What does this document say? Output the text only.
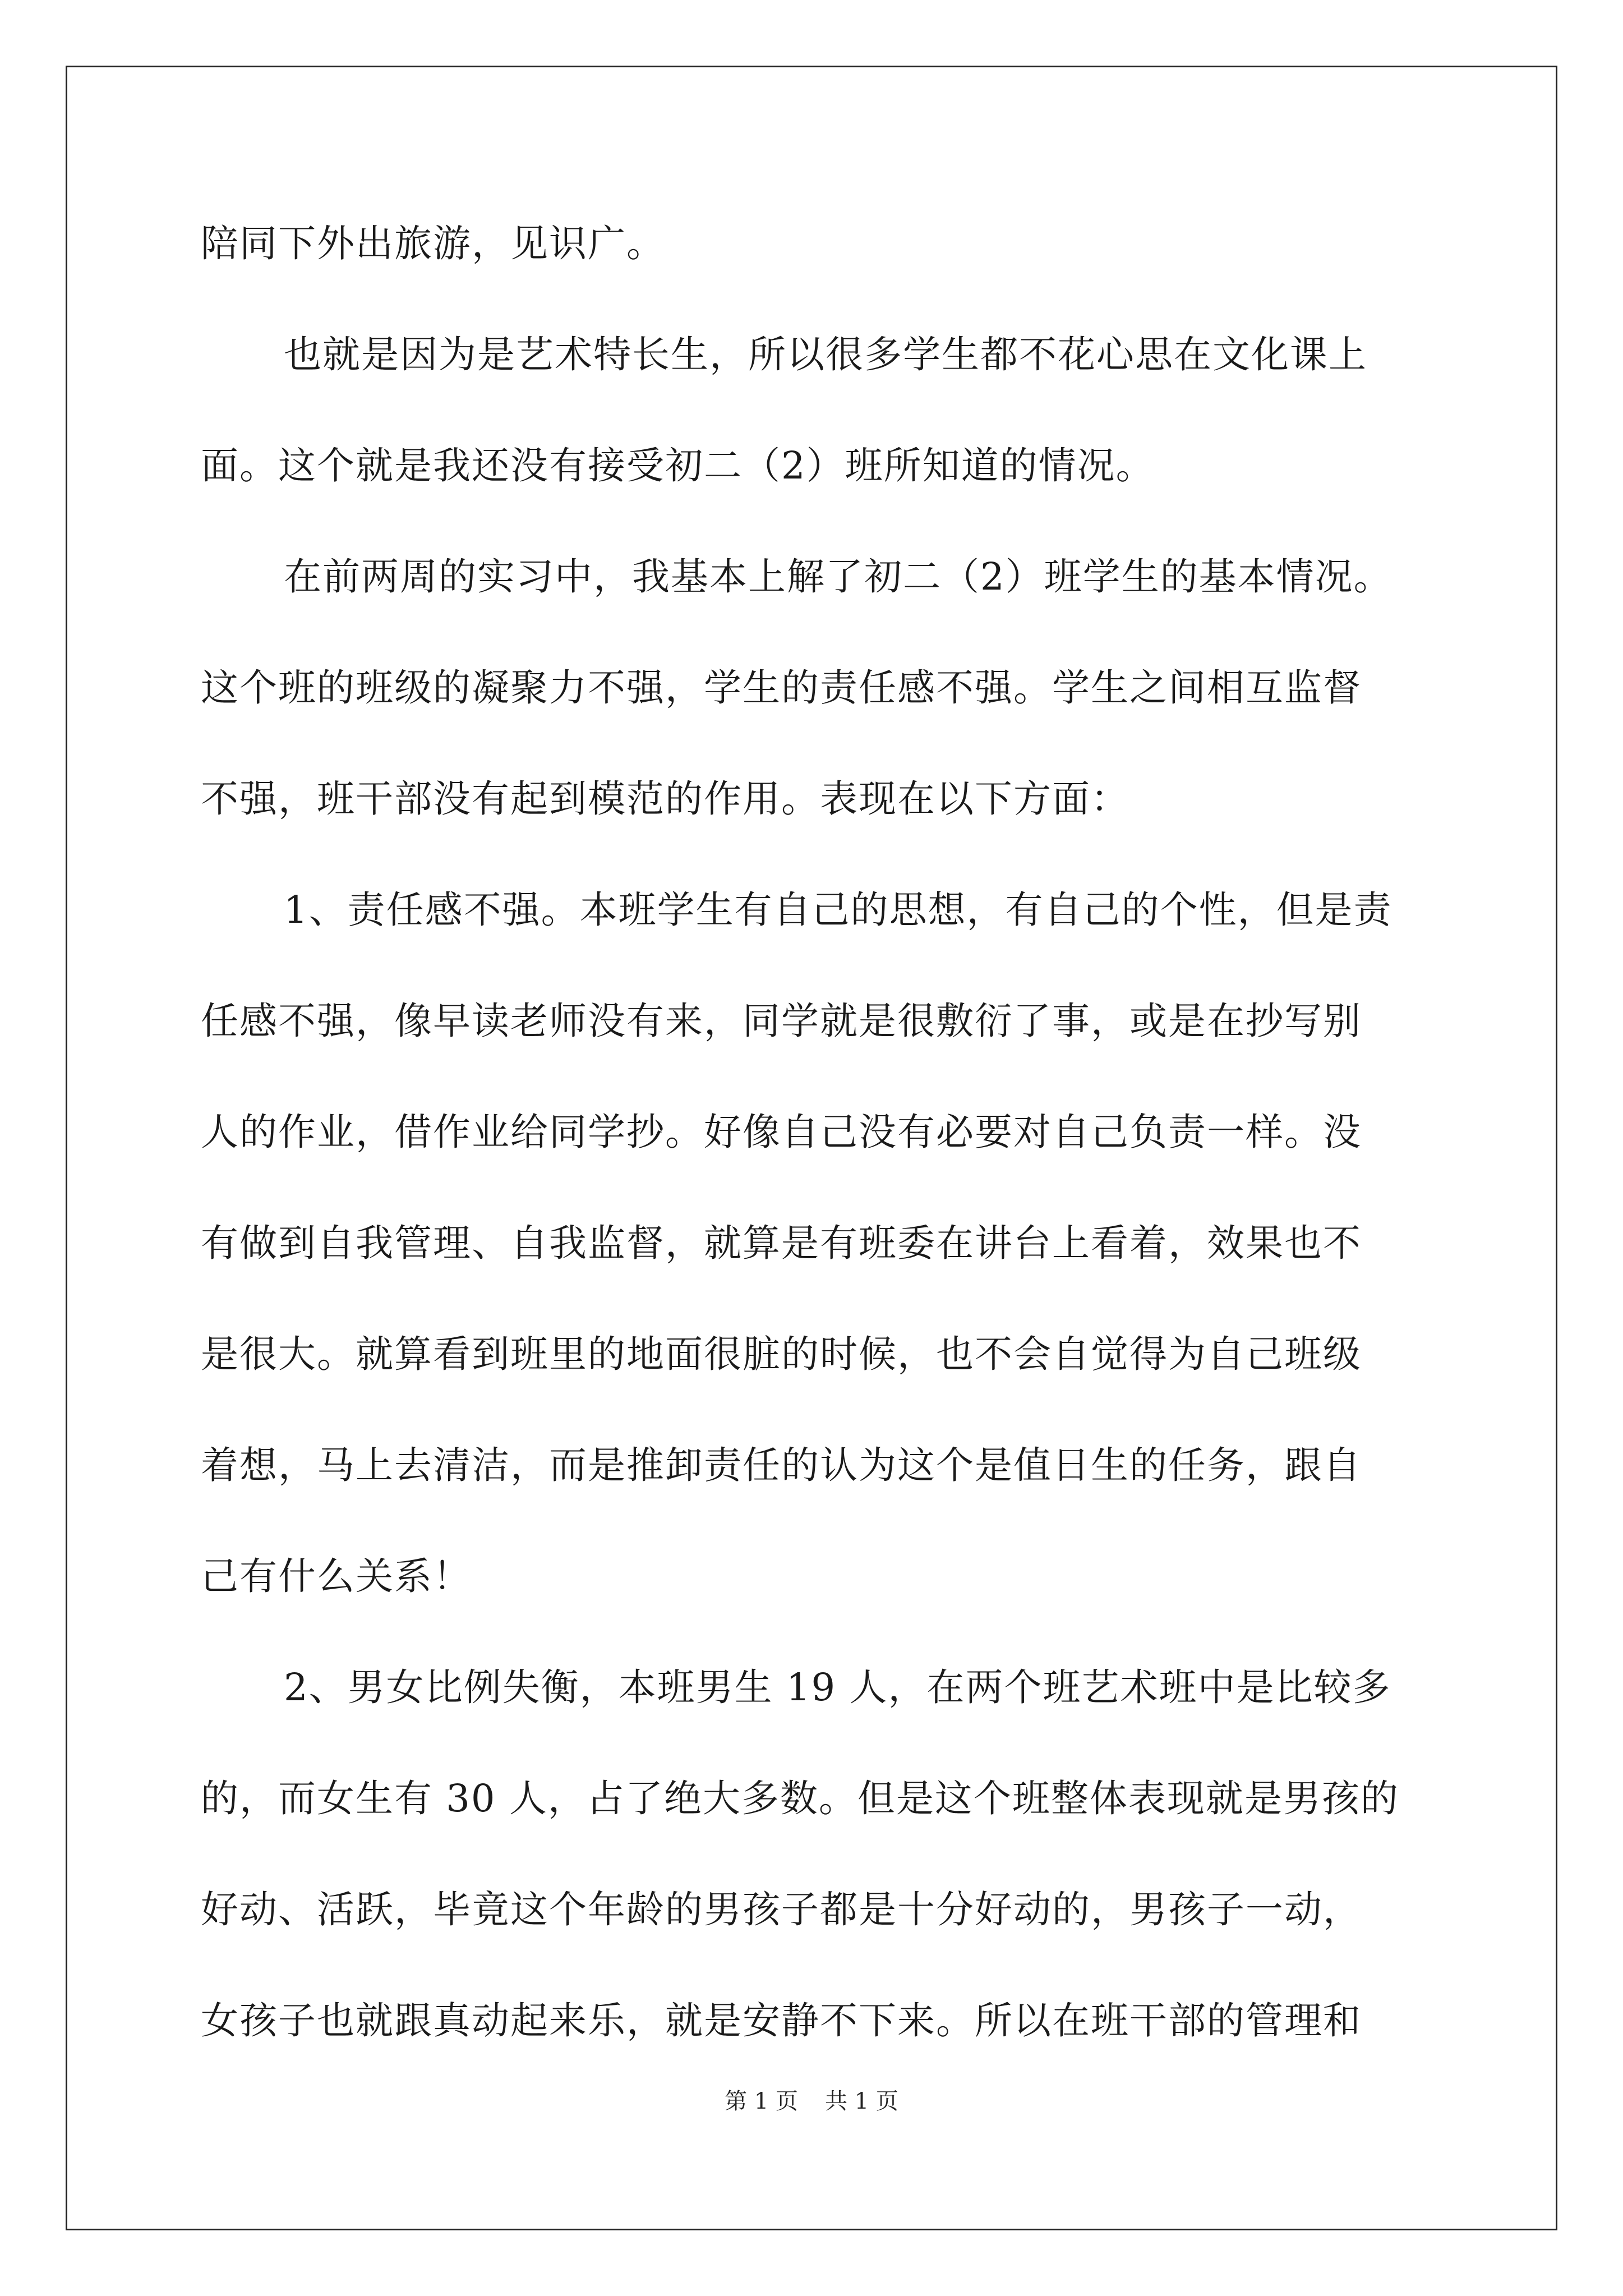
陪同下外出旅游，见识广。
也就是因为是艺术特长生，所以很多学生都不花心思在文化课上
面。这个就是我还没有接受初二（2）班所知道的情况。
在前两周的实习中，我基本上解了初二（2）班学生的基本情况。
这个班的班级的凝聚力不强，学生的责任感不强。学生之间相互监督
不强，班干部没有起到模范的作用。表现在以下方面：
1、责任感不强。本班学生有自己的思想，有自己的个性，但是责
任感不强，像早读老师没有来，同学就是很敷衍了事，或是在抄写别
人的作业，借作业给同学抄。好像自己没有必要对自己负责一样。没
有做到自我管理、自我监督，就算是有班委在讲台上看着，效果也不
是很大。就算看到班里的地面很脏的时候，也不会自觉得为自己班级
着想，马上去清洁，而是推卸责任的认为这个是值日生的任务，跟自
己有什么关系！
2、男女比例失衡，本班男生 19 人，在两个班艺术班中是比较多
的，而女生有 30 人，占了绝大多数。但是这个班整体表现就是男孩的
好动、活跃，毕竟这个年龄的男孩子都是十分好动的，男孩子一动，
女孩子也就跟真动起来乐，就是安静不下来。所以在班干部的管理和
第 1 页 共 1 页
